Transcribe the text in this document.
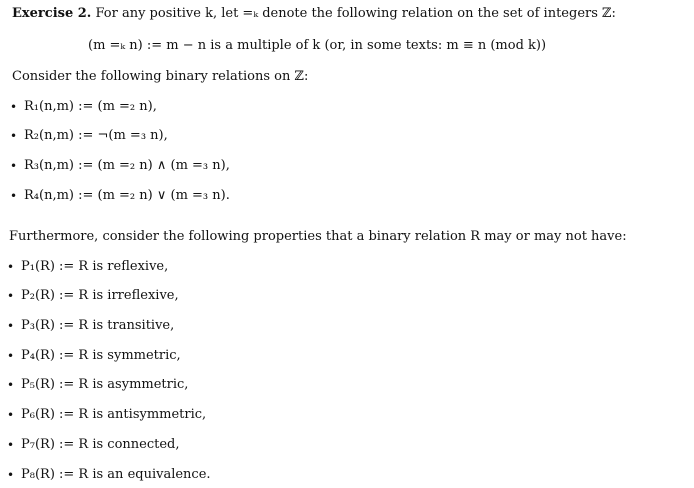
Exercise 2. For any positive k, let =ₖ denote the following relation on the set of integers ℤ:
(m =ₖ n) := m − n is a multiple of k (or, in some texts: m ≡ n (mod k))
Consider the following binary relations on ℤ:
• R₁(n,m) := (m =₂ n),
• R₂(n,m) := ¬(m =₃ n),
• R₃(n,m) := (m =₂ n) ∧ (m =₃ n),
• R₄(n,m) := (m =₂ n) ∨ (m =₃ n).
Furthermore, consider the following properties that a binary relation R may or may not have:
• P₁(R) := R is reflexive,
• P₂(R) := R is irreflexive,
• P₃(R) := R is transitive,
• P₄(R) := R is symmetric,
• P₅(R) := R is asymmetric,
• P₆(R) := R is antisymmetric,
• P₇(R) := R is connected,
• P₈(R) := R is an equivalence.
